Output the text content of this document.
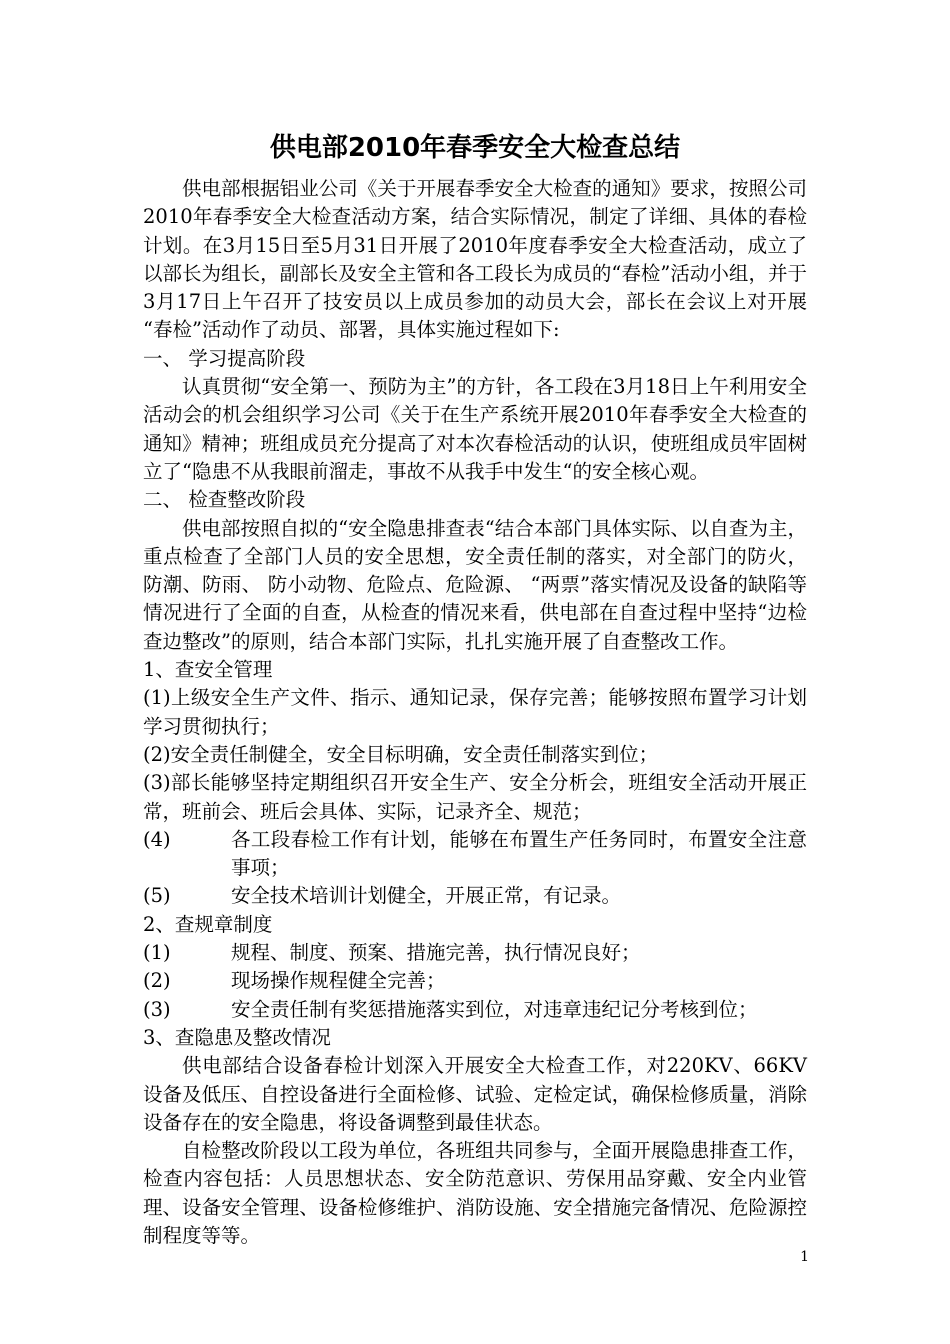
供电部2010年春季安全大检查总结

供电部根据铝业公司《关于开展春季安全大检查的通知》要求，按照公司2010年春季安全大检查活动方案，结合实际情况，制定了详细、具体的春检计划。在3月15日至5月31日开展了2010年度春季安全大检查活动，成立了以部长为组长，副部长及安全主管和各工段长为成员的“春检”活动小组，并于3月17日上午召开了技安员以上成员参加的动员大会，部长在会议上对开展 “春检”活动作了动员、部署，具体实施过程如下:

一、 学习提高阶段

认真贯彻“安全第一、预防为主”的方针，各工段在3月18日上午利用安全活动会的机会组织学习公司《关于在生产系统开展2010年春季安全大检查的通知》精神；班组成员充分提高了对本次春检活动的认识，使班组成员牢固树立了“隐患不从我眼前溜走，事故不从我手中发生“的安全核心观。

二、 检查整改阶段

供电部按照自拟的“安全隐患排查表“结合本部门具体实际、以自查为主，重点检查了全部门人员的安全思想，安全责任制的落实，对全部门的防火， 防潮、防雨、 防小动物、危险点、危险源、 “两票”落实情况及设备的缺陷等情况进行了全面的自查，从检查的情况来看，供电部在自查过程中坚持“边检查边整改”的原则，结合本部门实际，扎扎实施开展了自查整改工作。

1、查安全管理

(1)上级安全生产文件、指示、通知记录，保存完善；能够按照布置学习计划学习贯彻执行；

(2)安全责任制健全，安全目标明确，安全责任制落实到位；

(3)部长能够坚持定期组织召开安全生产、安全分析会，班组安全活动开展正常，班前会、班后会具体、实际，记录齐全、规范；

(4)	各工段春检工作有计划，能够在布置生产任务同时，布置安全注意事项；
(5)	安全技术培训计划健全，开展正常，有记录。

2、查规章制度

(1)	规程、制度、预案、措施完善，执行情况良好；
(2)	现场操作规程健全完善；
(3)	安全责任制有奖惩措施落实到位，对违章违纪记分考核到位；

3、查隐患及整改情况

供电部结合设备春检计划深入开展安全大检查工作，对220KV、66KV设备及低压、自控设备进行全面检修、试验、定检定试，确保检修质量，消除设备存在的安全隐患，将设备调整到最佳状态。

自检整改阶段以工段为单位，各班组共同参与，全面开展隐患排查工作，检查内容包括：人员思想状态、安全防范意识、劳保用品穿戴、安全内业管理、设备安全管理、设备检修维护、消防设施、安全措施完备情况、危险源控制程度等等。

1
